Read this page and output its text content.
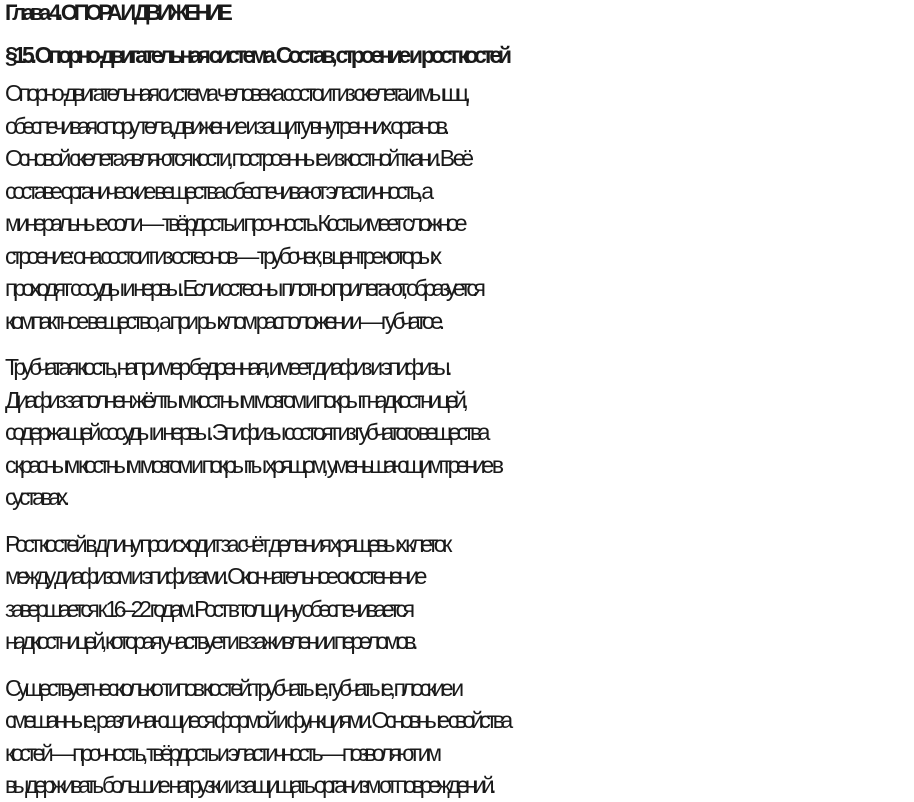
Глава 4. ОПОРА И ДВИЖЕНИЕ
§15. Опорно-двигательная система. Состав, строение и рост костей

Опорно-двигательная система человека состоит из скелета и мышц,
обеспечивая опору тела, движение и защиту внутренних органов.
Основой скелета являются кости, построенные из костной ткани. В её
составе органические вещества обеспечивают эластичность, а
минеральные соли — твёрдость и прочность. Кость имеет сложное
строение: она состоит из остеонов — трубочек, в центре которых
проходят сосуды и нервы. Если остеоны плотно прилегают, образуется
компактное вещество, а при рыхлом расположении — губчатое.

Трубчатая кость, например бедренная, имеет диафиз и эпифизы.
Диафиз заполнен жёлтым костным мозгом и покрыт надкостницей,
содержащей сосуды и нервы. Эпифизы состоят из губчатого вещества
с красным костным мозгом и покрыты хрящом, уменьшающим трение в
суставах.

Рост костей в длину происходит за счёт деления хрящевых клеток
между диафизом и эпифизами. Окончательное окостенение
завершается к 16–22 годам. Рост в толщину обеспечивается
надкостницей, которая участвует и в заживлении переломов.

Существует несколько типов костей: трубчатые, губчатые, плоские и
смешанные, различающиеся формой и функциями. Основные свойства
костей — прочность, твёрдость и эластичность — позволяют им
выдерживать большие нагрузки и защищать организм от повреждений.
